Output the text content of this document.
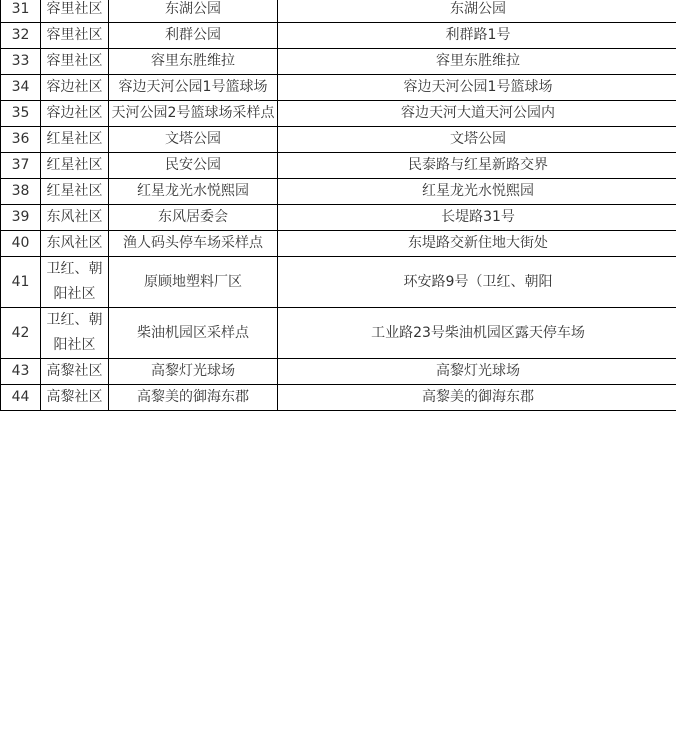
31	容里社区	东湖公园	东湖公园
32	容里社区	利群公园	利群路1号
33	容里社区	容里东胜维拉	容里东胜维拉
34	容边社区	容边天河公园1号篮球场	容边天河公园1号篮球场
35	容边社区	天河公园2号篮球场采样点	容边天河大道天河公园内
36	红星社区	文塔公园	文塔公园
37	红星社区	民安公园	民泰路与红星新路交界
38	红星社区	红星龙光水悦熙园	红星龙光水悦熙园
39	东风社区	东风居委会	长堤路31号
40	东风社区	渔人码头停车场采样点	东堤路交新住地大街处
41	卫红、朝阳社区	原顾地塑料厂区	环安路9号（卫红、朝阳
42	卫红、朝阳社区	柴油机园区采样点	工业路23号柴油机园区露天停车场
43	高黎社区	高黎灯光球场	高黎灯光球场
44	高黎社区	高黎美的御海东郡	高黎美的御海东郡
